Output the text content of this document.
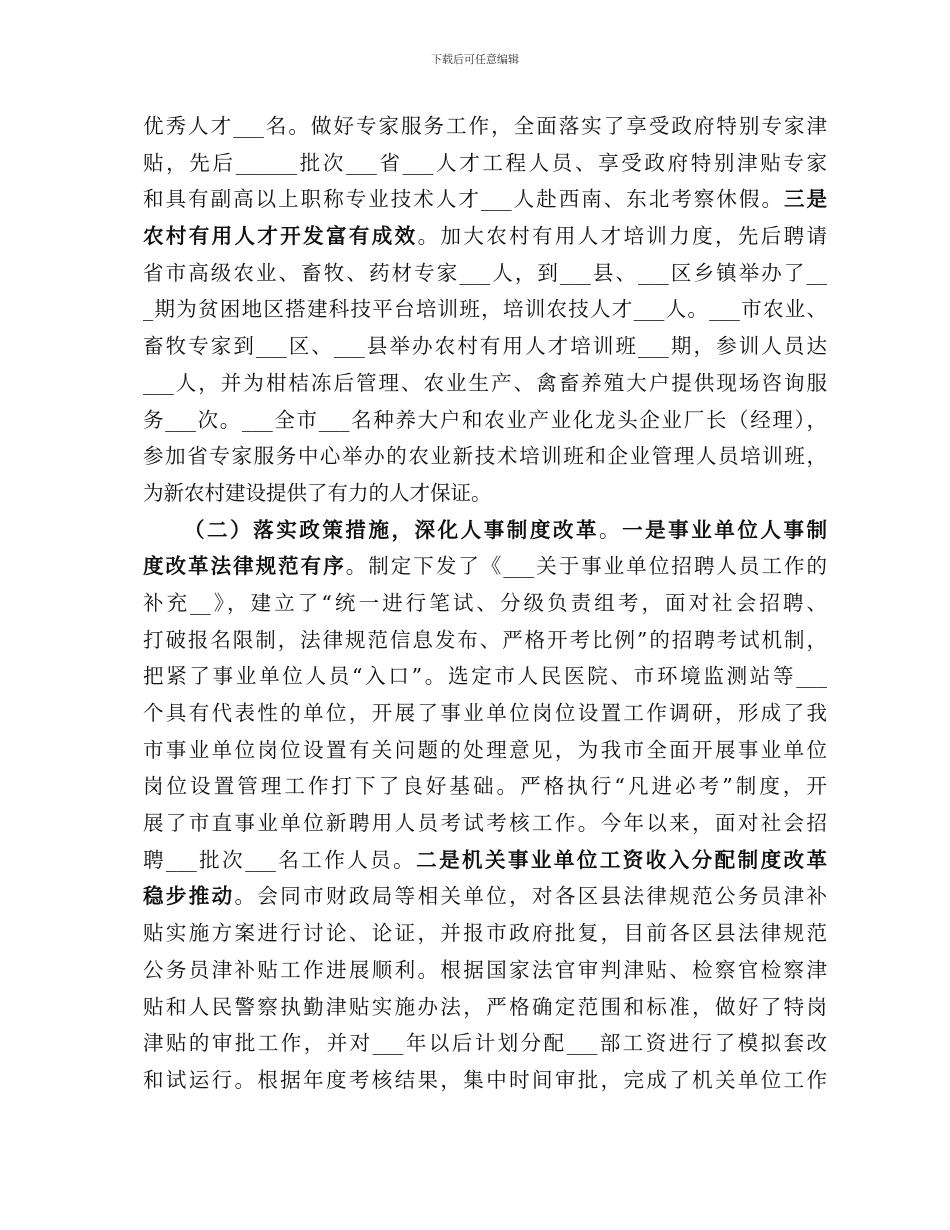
下载后可任意编辑
优秀人才___名。做好专家服务工作，全面落实了享受政府特别专家津
贴，先后______批次___省___人才工程人员、享受政府特别津贴专家
和具有副高以上职称专业技术人才___人赴西南、东北考察休假。三是
农村有用人才开发富有成效。加大农村有用人才培训力度，先后聘请
省市高级农业、畜牧、药材专家___人，到___县、___区乡镇举办了__
_期为贫困地区搭建科技平台培训班，培训农技人才___人。___市农业、
畜牧专家到___区、___县举办农村有用人才培训班___期，参训人员达
___人，并为柑桔冻后管理、农业生产、禽畜养殖大户提供现场咨询服
务___次。___全市___名种养大户和农业产业化龙头企业厂长（经理），
参加省专家服务中心举办的农业新技术培训班和企业管理人员培训班，
为新农村建设提供了有力的人才保证。
（二）落实政策措施，深化人事制度改革。一是事业单位人事制
度改革法律规范有序。制定下发了《___关于事业单位招聘人员工作的
补充__》，建立了“统一进行笔试、分级负责组考，面对社会招聘、
打破报名限制，法律规范信息发布、严格开考比例”的招聘考试机制，
把紧了事业单位人员“入口”。选定市人民医院、市环境监测站等___
个具有代表性的单位，开展了事业单位岗位设置工作调研，形成了我
市事业单位岗位设置有关问题的处理意见，为我市全面开展事业单位
岗位设置管理工作打下了良好基础。严格执行“凡进必考”制度，开
展了市直事业单位新聘用人员考试考核工作。今年以来，面对社会招
聘___批次___名工作人员。二是机关事业单位工资收入分配制度改革
稳步推动。会同市财政局等相关单位，对各区县法律规范公务员津补
贴实施方案进行讨论、论证，并报市政府批复，目前各区县法律规范
公务员津补贴工作进展顺利。根据国家法官审判津贴、检察官检察津
贴和人民警察执勤津贴实施办法，严格确定范围和标准，做好了特岗
津贴的审批工作，并对___年以后计划分配___部工资进行了模拟套改
和试运行。根据年度考核结果，集中时间审批，完成了机关单位工作
